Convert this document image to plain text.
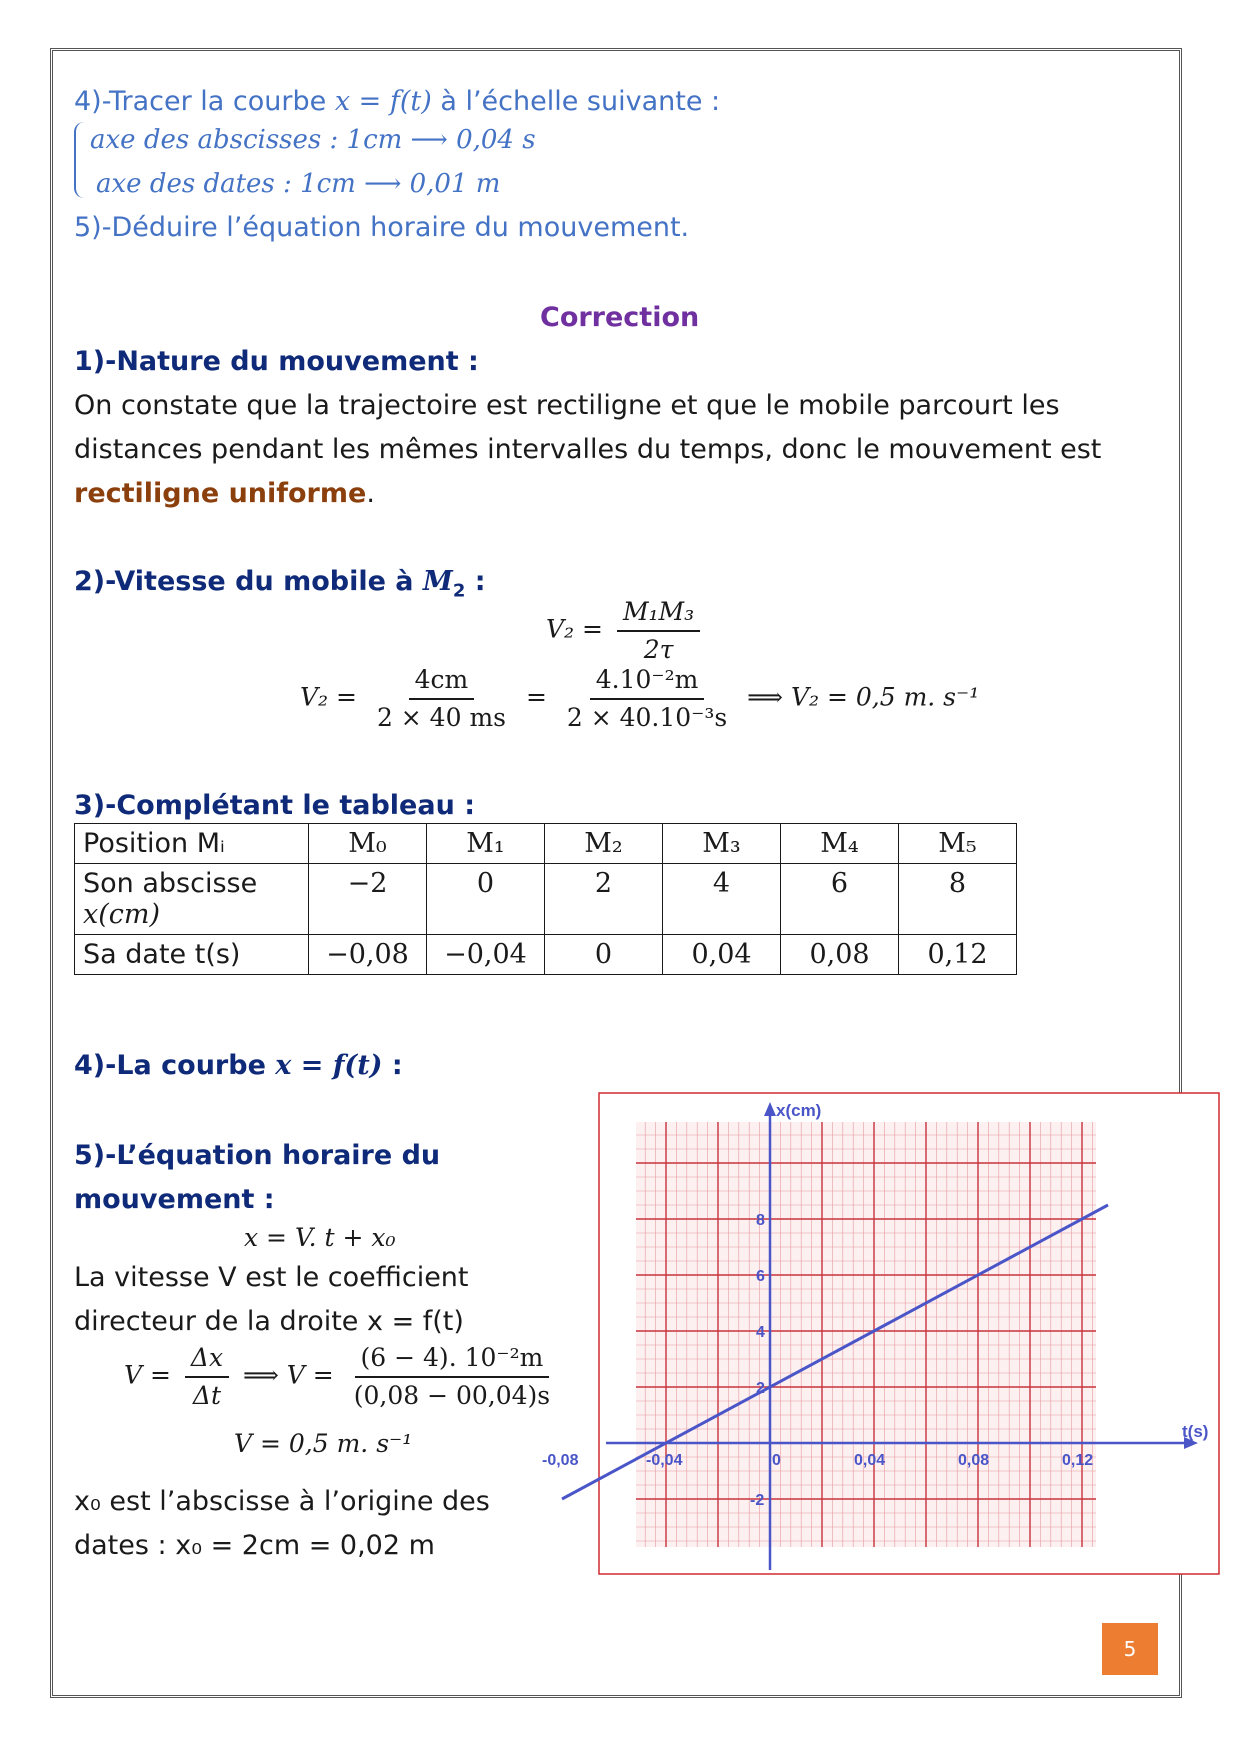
4)-Tracer la courbe x = f(t) à l’échelle suivante :
axe des abscisses : 1cm ⟶ 0,04 s
axe des dates : 1cm ⟶ 0,01 m
5)-Déduire l’équation horaire du mouvement.
Correction
1)-Nature du mouvement :
On constate que la trajectoire est rectiligne et que le mobile parcourt les
distances pendant les mêmes intervalles du temps, donc le mouvement est
rectiligne uniforme.
2)-Vitesse du mobile à $M_2$ :
$V_2 = \frac{\text{M₁M₃}}{2\tau}$
$V_2 = \frac{4cm}{2 \times 40 ms} = \frac{\text{4.10⁻²m}}{\text{2 × 40.10⁻³s}}$ ⟹ V₂ = 0,5 m. s⁻¹
3)-Complétant le tableau :
Position Mᵢ	M₀	M₁	M₂	M₃	M₄	M₅

Son abscisse
x(cm)	−2	0	2	4	6	8
Sa date t(s)	−0,08	−0,04	0	0,04	0,08	0,12
4)-La courbe x = f(t) :
5)-L’équation horaire du
mouvement :
x = V. t + x₀
La vitesse V est le coefficient
directeur de la droite x = f(t)
$V = \frac{\Delta x}{\Delta t}$ ⟹ $V = \frac{\text{(6 − 4). 10⁻²m}}{(0,08 - 00,04)s}$
V = 0,5 m. s⁻¹
x₀ est l’abscisse à l’origine des
dates : x₀ = 2cm = 0,02 m
x(cm)
t(s)
-0,08	-0,04	0	0,04	0,08	0,12
-2
2
4
6
8
5
